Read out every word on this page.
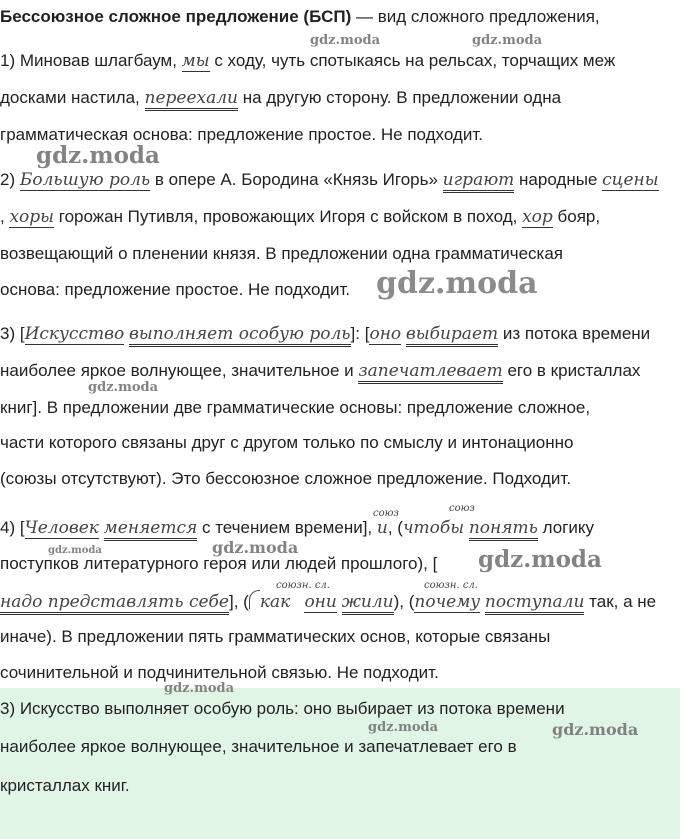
Бессоюзное сложное предложение (БСП) — вид сложного предложения,
1) Миновав шлагбаум, мы с ходу, чуть спотыкаясь на рельсах, торчащих меж
досками настила, переехали на другую сторону. В предложении одна
грамматическая основа: предложение простое. Не подходит.
2) Большую роль в опере А. Бородина «Князь Игорь» играют народные сцены
, хоры горожан Путивля, провожающих Игоря с войском в поход, хор бояр,
возвещающий о пленении князя. В предложении одна грамматическая
основа: предложение простое. Не подходит.
3) [Искусство выполняет особую роль]: [оно выбирает из потока времени
наиболее яркое волнующее, значительное и запечатлевает его в кристаллах
книг]. В предложении две грамматические основы: предложение сложное,
части которого связаны друг с другом только по смыслу и интонационно
(союзы отсутствуют). Это бессоюзное сложное предложение. Подходит.
союз	союз
4) [Человек меняется с течением времени], и, (чтобы понять логику
поступков литературного героя или людей прошлого), [
союзн. сл.	союзн. сл.
надо представлять себе], ( как они жили), (почему поступали так, а не
иначе). В предложении пять грамматических основ, которые связаны
сочинительной и подчинительной связью. Не подходит.
3) Искусство выполняет особую роль: оно выбирает из потока времени
наиболее яркое волнующее, значительное и запечатлевает его в
кристаллах книг.
gdz.moda	gdz.moda
gdz.moda
gdz.moda
gdz.moda
gdz.moda	gdz.moda	gdz.moda
gdz.moda
gdz.moda	gdz.moda
